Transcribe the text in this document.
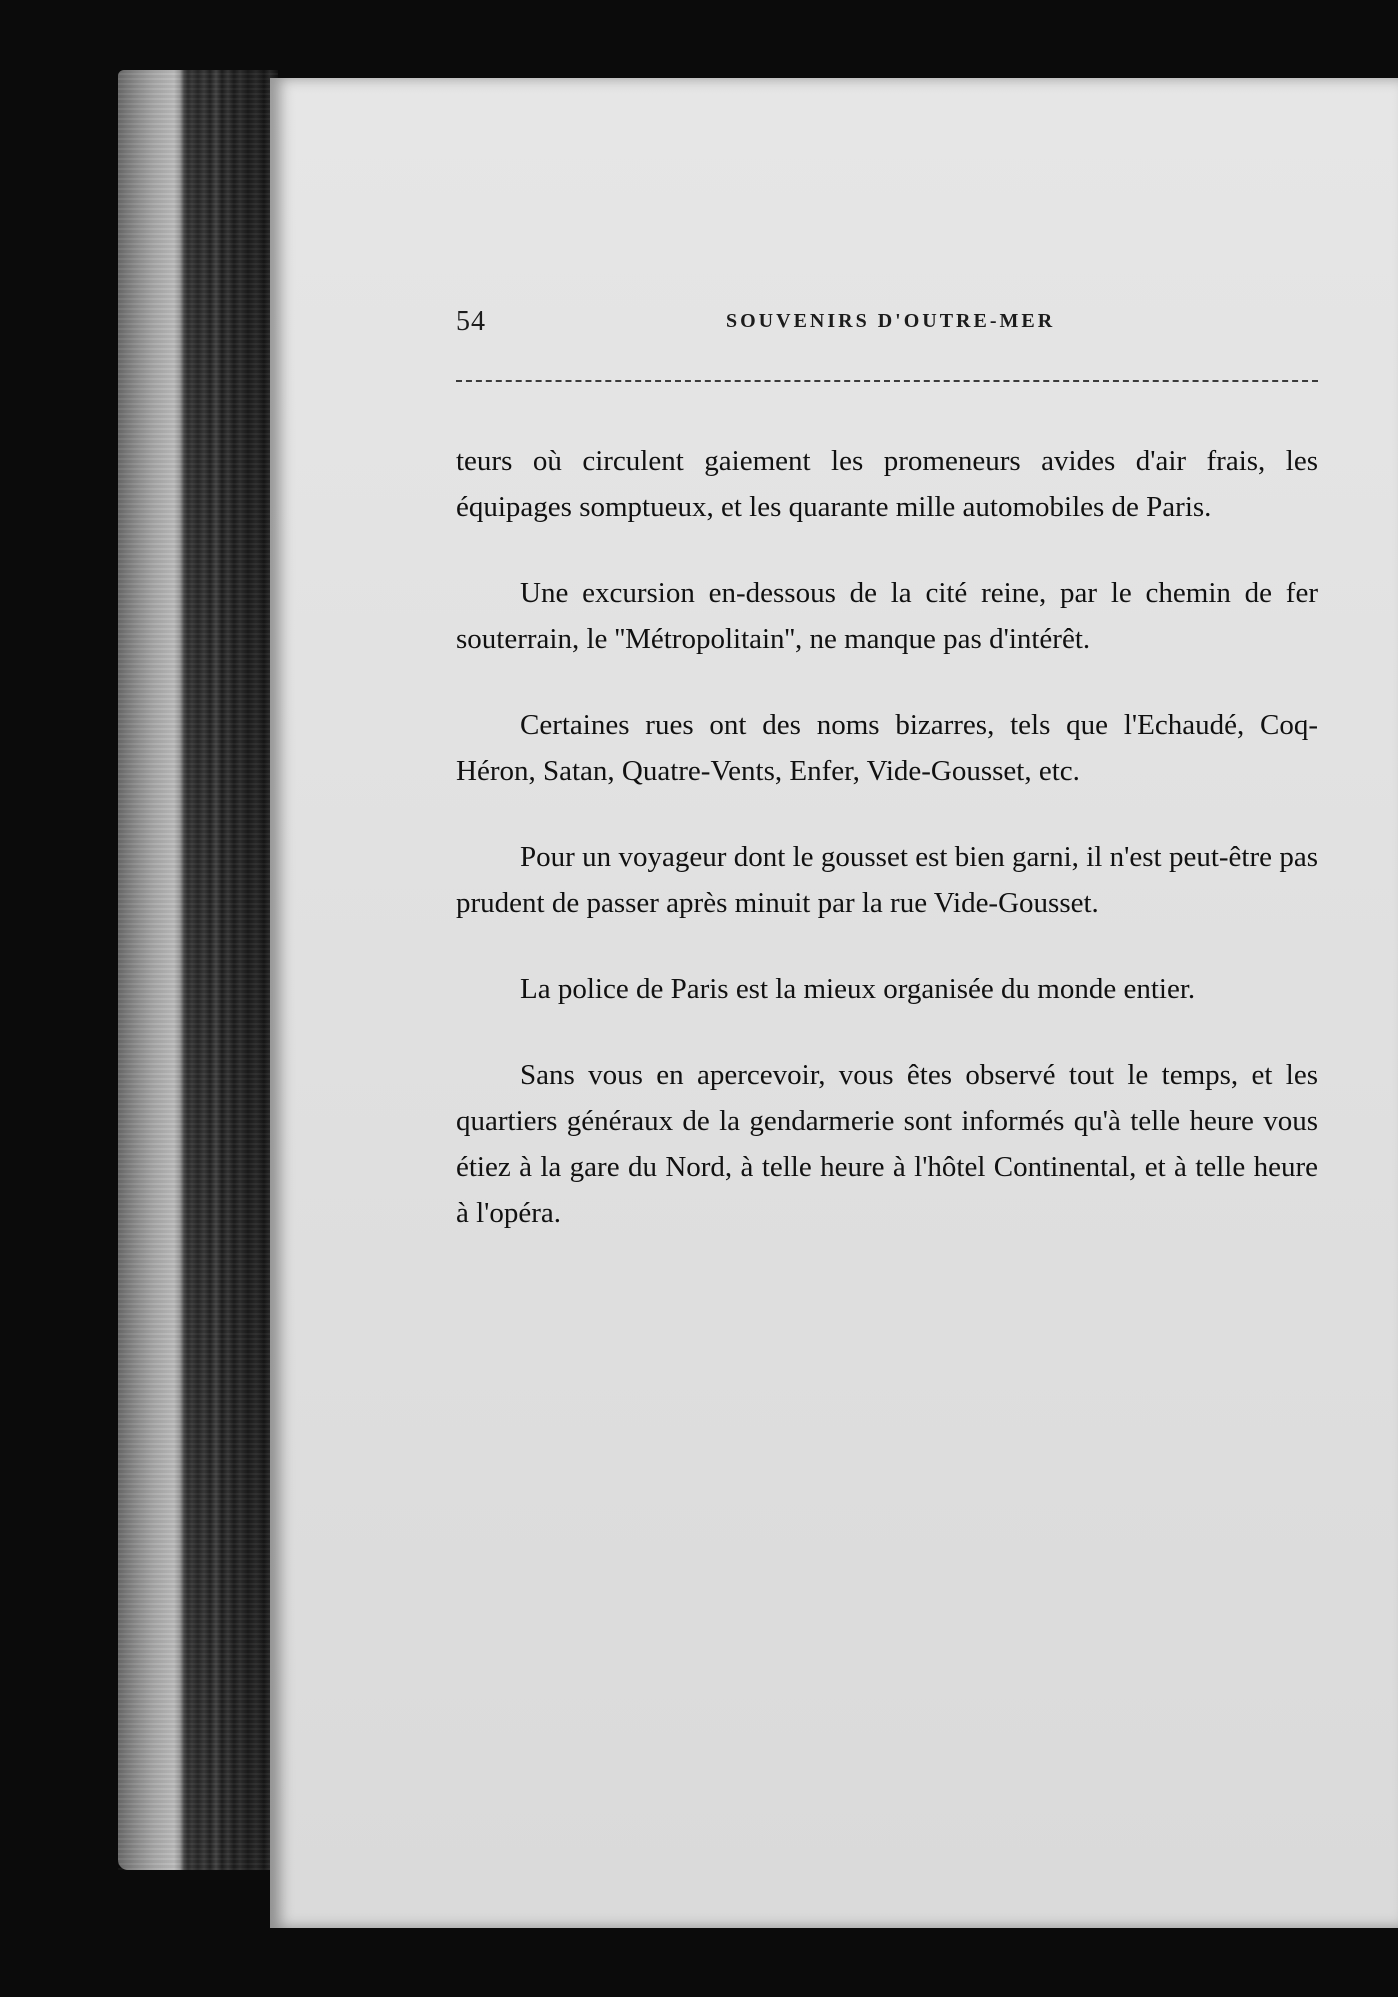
54	SOUVENIRS D'OUTRE-MER

teurs où circulent gaiement les promeneurs avides d'air frais, les équipages somptueux, et les quarante mille automobiles de Paris.

Une excursion en-dessous de la cité reine, par le chemin de fer souterrain, le ''Métropolitain'', ne manque pas d'intérêt.

Certaines rues ont des noms bizarres, tels que l'Echaudé, Coq-Héron, Satan, Quatre-Vents, Enfer, Vide-Gousset, etc.

Pour un voyageur dont le gousset est bien garni, il n'est peut-être pas prudent de passer après minuit par la rue Vide-Gousset.

La police de Paris est la mieux organisée du monde entier.

Sans vous en apercevoir, vous êtes observé tout le temps, et les quartiers généraux de la gendarmerie sont informés qu'à telle heure vous étiez à la gare du Nord, à telle heure à l'hôtel Continental, et à telle heure à l'opéra.
